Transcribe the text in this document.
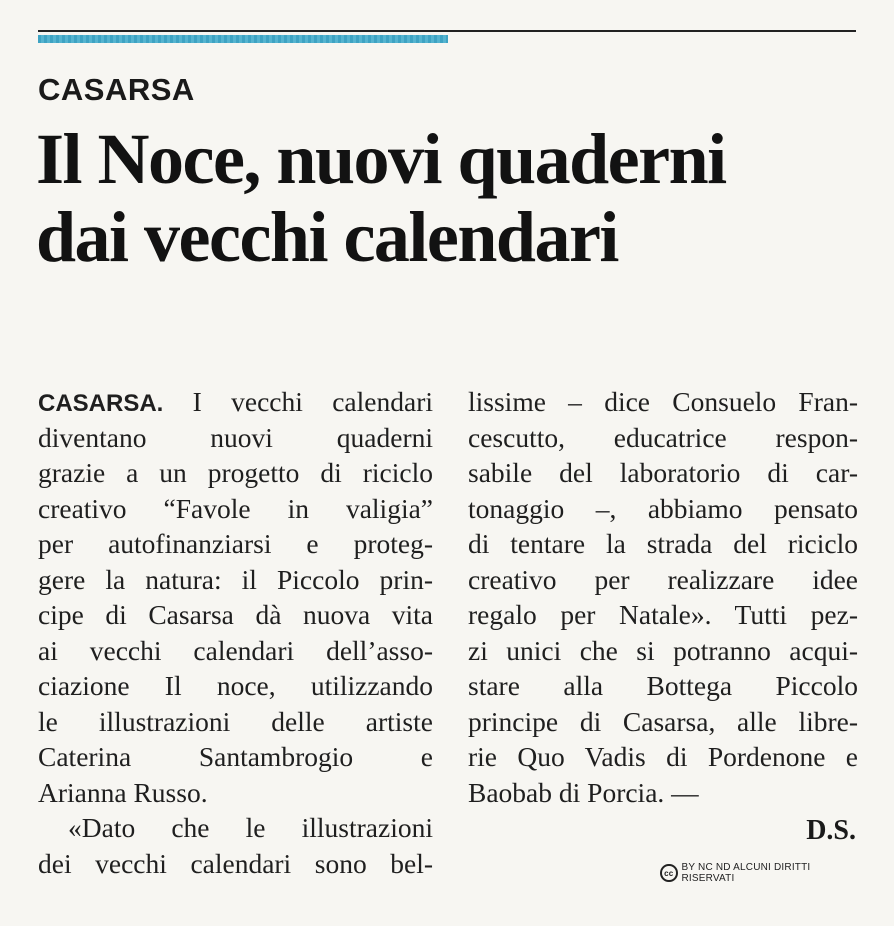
CASARSA
Il Noce, nuovi quaderni
dai vecchi calendari
CASARSA. I vecchi calendari
diventano nuovi quaderni
grazie a un progetto di riciclo
creativo “Favole in valigia”
per autofinanziarsi e proteg-
gere la natura: il Piccolo prin-
cipe di Casarsa dà nuova vita
ai vecchi calendari dell’asso-
ciazione Il noce, utilizzando
le illustrazioni delle artiste
Caterina Santambrogio e
Arianna Russo.
«Dato che le illustrazioni
dei vecchi calendari sono bel-
lissime – dice Consuelo Fran-
cescutto, educatrice respon-
sabile del laboratorio di car-
tonaggio –, abbiamo pensato
di tentare la strada del riciclo
creativo per realizzare idee
regalo per Natale». Tutti pez-
zi unici che si potranno acqui-
stare alla Bottega Piccolo
principe di Casarsa, alle libre-
rie Quo Vadis di Pordenone e
Baobab di Porcia. —
D.S.
cc BY NC ND ALCUNI DIRITTI RISERVATI
